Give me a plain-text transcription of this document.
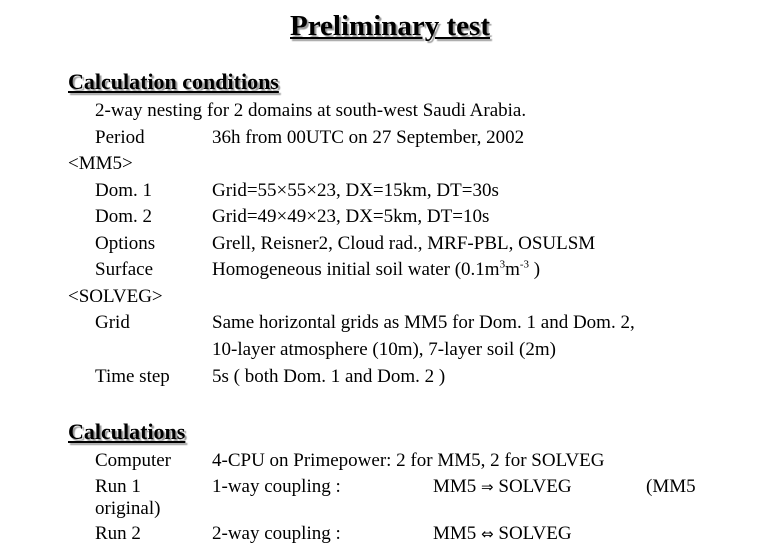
Preliminary test
Calculation conditions
2-way nesting for 2 domains at south-west Saudi Arabia.
Period	36h from 00UTC on 27 September, 2002
<MM5>
Dom. 1	Grid=55×55×23, DX=15km, DT=30s
Dom. 2	Grid=49×49×23, DX=5km, DT=10s
Options	Grell, Reisner2, Cloud rad., MRF-PBL, OSULSM
Surface	Homogeneous initial soil water ($0.1m^3m^{-3}$ )
<SOLVEG>
Grid	Same horizontal grids as MM5 for Dom. 1 and Dom. 2,
10-layer atmosphere (10m), 7-layer soil (2m)
Time step 5s ( both Dom. 1 and Dom. 2 )
Calculations
Computer 4-CPU on Primepower: 2 for MM5, 2 for SOLVEG
Run 1	1-way coupling :	MM5 ⇒ SOLVEG	(MM5
original)
Run 2	2-way coupling :	MM5 ⇔ SOLVEG
